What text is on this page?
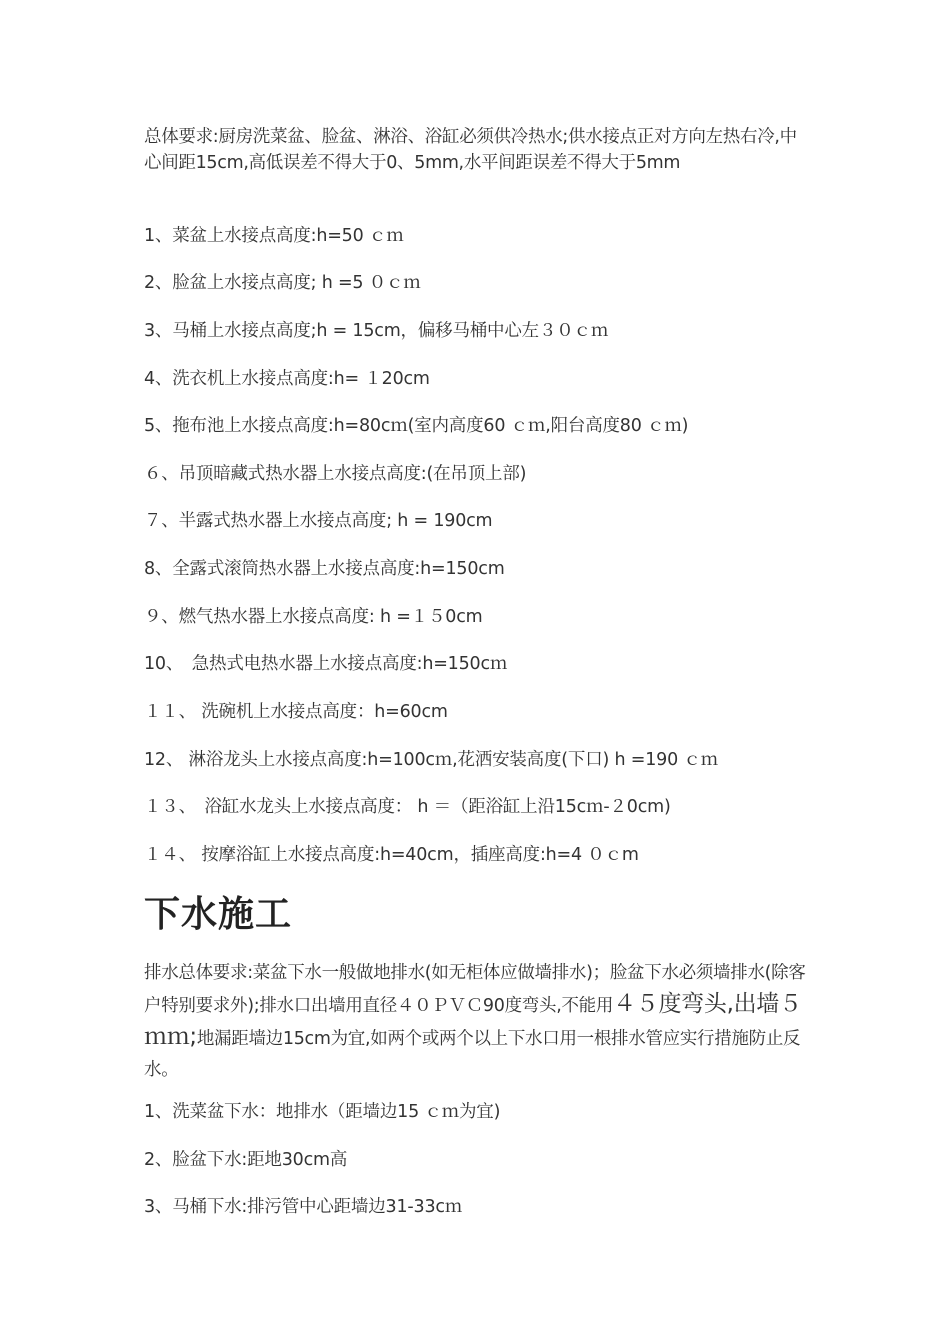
总体要求:厨房洗菜盆、脸盆、淋浴、浴缸必须供冷热水;供水接点正对方向左热右冷,中心间距15cm,高低误差不得大于0、5mm,水平间距误差不得大于5mm
1、菜盆上水接点高度:h=50 ｃｍ
2、脸盆上水接点高度; h =5 ０ｃｍ
3、马桶上水接点高度;h = 15cm，偏移马桶中心左３０ｃｍ
4、洗衣机上水接点高度:h= １20cm
5、拖布池上水接点高度:h=80cｍ(室内高度60 ｃｍ,阳台高度80 ｃｍ)
６、吊顶暗藏式热水器上水接点高度:(在吊顶上部)
７、半露式热水器上水接点高度; h = 190cm
8、全露式滚筒热水器上水接点高度:h=150cm
９、燃气热水器上水接点高度: h =１５0cm
10、　急热式电热水器上水接点高度:h=150cｍ
１１、 洗碗机上水接点高度：h=60cm
12、 淋浴龙头上水接点高度:h=100cｍ,花洒安装高度(下口) h =190 ｃｍ
１３、　浴缸水龙头上水接点高度： h ＝（距浴缸上沿15cｍ-２0cm)
１４、 按摩浴缸上水接点高度:h=40cm，插座高度:h=4 ０ｃm
下水施工
排水总体要求:菜盆下水一般做地排水(如无柜体应做墙排水)；脸盆下水必须墙排水(除客户特别要求外);排水口出墙用直径４０ＰＶＣ90度弯头,不能用４５度弯头,出墙５ｍｍ;地漏距墙边15cm为宜,如两个或两个以上下水口用一根排水管应实行措施防止反水。
1、洗菜盆下水：地排水（距墙边15 ｃｍ为宜)
2、脸盆下水:距地30cm高
3、马桶下水:排污管中心距墙边31-33cｍ
